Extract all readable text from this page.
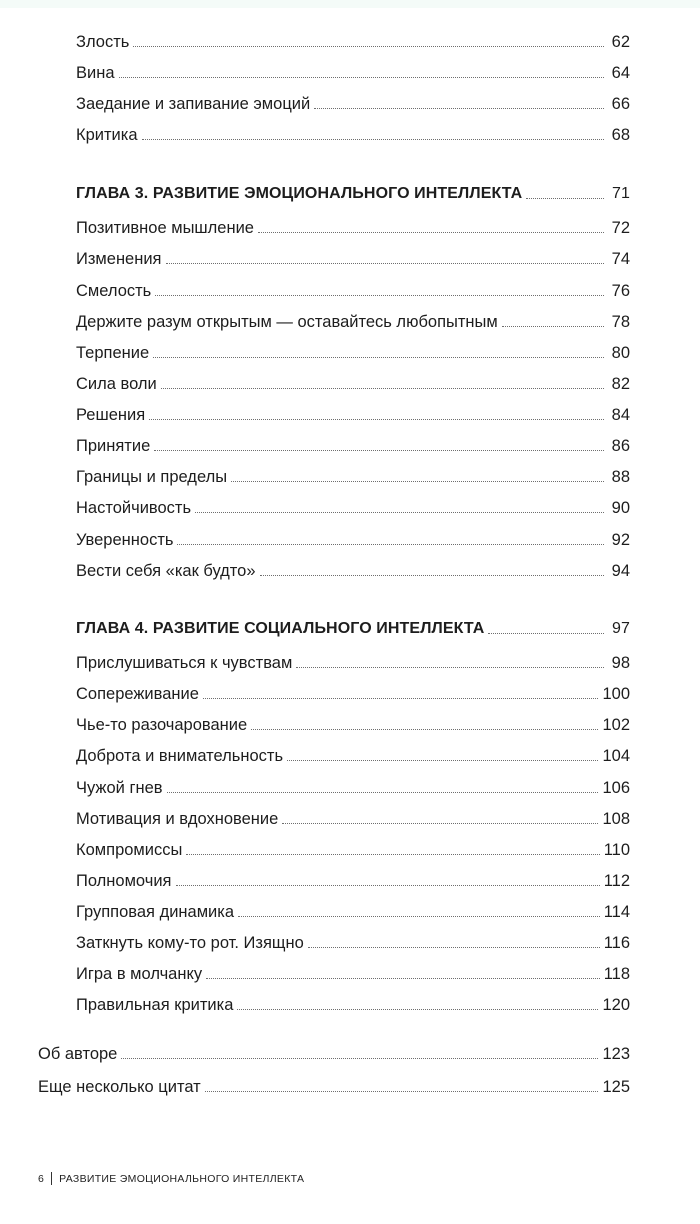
Злость	62
Вина	64
Заедание и запивание эмоций	66
Критика	68
ГЛАВА 3. РАЗВИТИЕ ЭМОЦИОНАЛЬНОГО ИНТЕЛЛЕКТА	71
Позитивное мышление	72
Изменения	74
Смелость	76
Держите разум открытым — оставайтесь любопытным	78
Терпение	80
Сила воли	82
Решения	84
Принятие	86
Границы и пределы	88
Настойчивость	90
Уверенность	92
Вести себя «как будто»	94
ГЛАВА 4. РАЗВИТИЕ СОЦИАЛЬНОГО ИНТЕЛЛЕКТА	97
Прислушиваться к чувствам	98
Сопереживание	100
Чье-то разочарование	102
Доброта и внимательность	104
Чужой гнев	106
Мотивация и вдохновение	108
Компромиссы	110
Полномочия	112
Групповая динамика	114
Заткнуть кому-то рот. Изящно	116
Игра в молчанку	118
Правильная критика	120
Об авторе	123
Еще несколько цитат	125
6 РАЗВИТИЕ ЭМОЦИОНАЛЬНОГО ИНТЕЛЛЕКТА
